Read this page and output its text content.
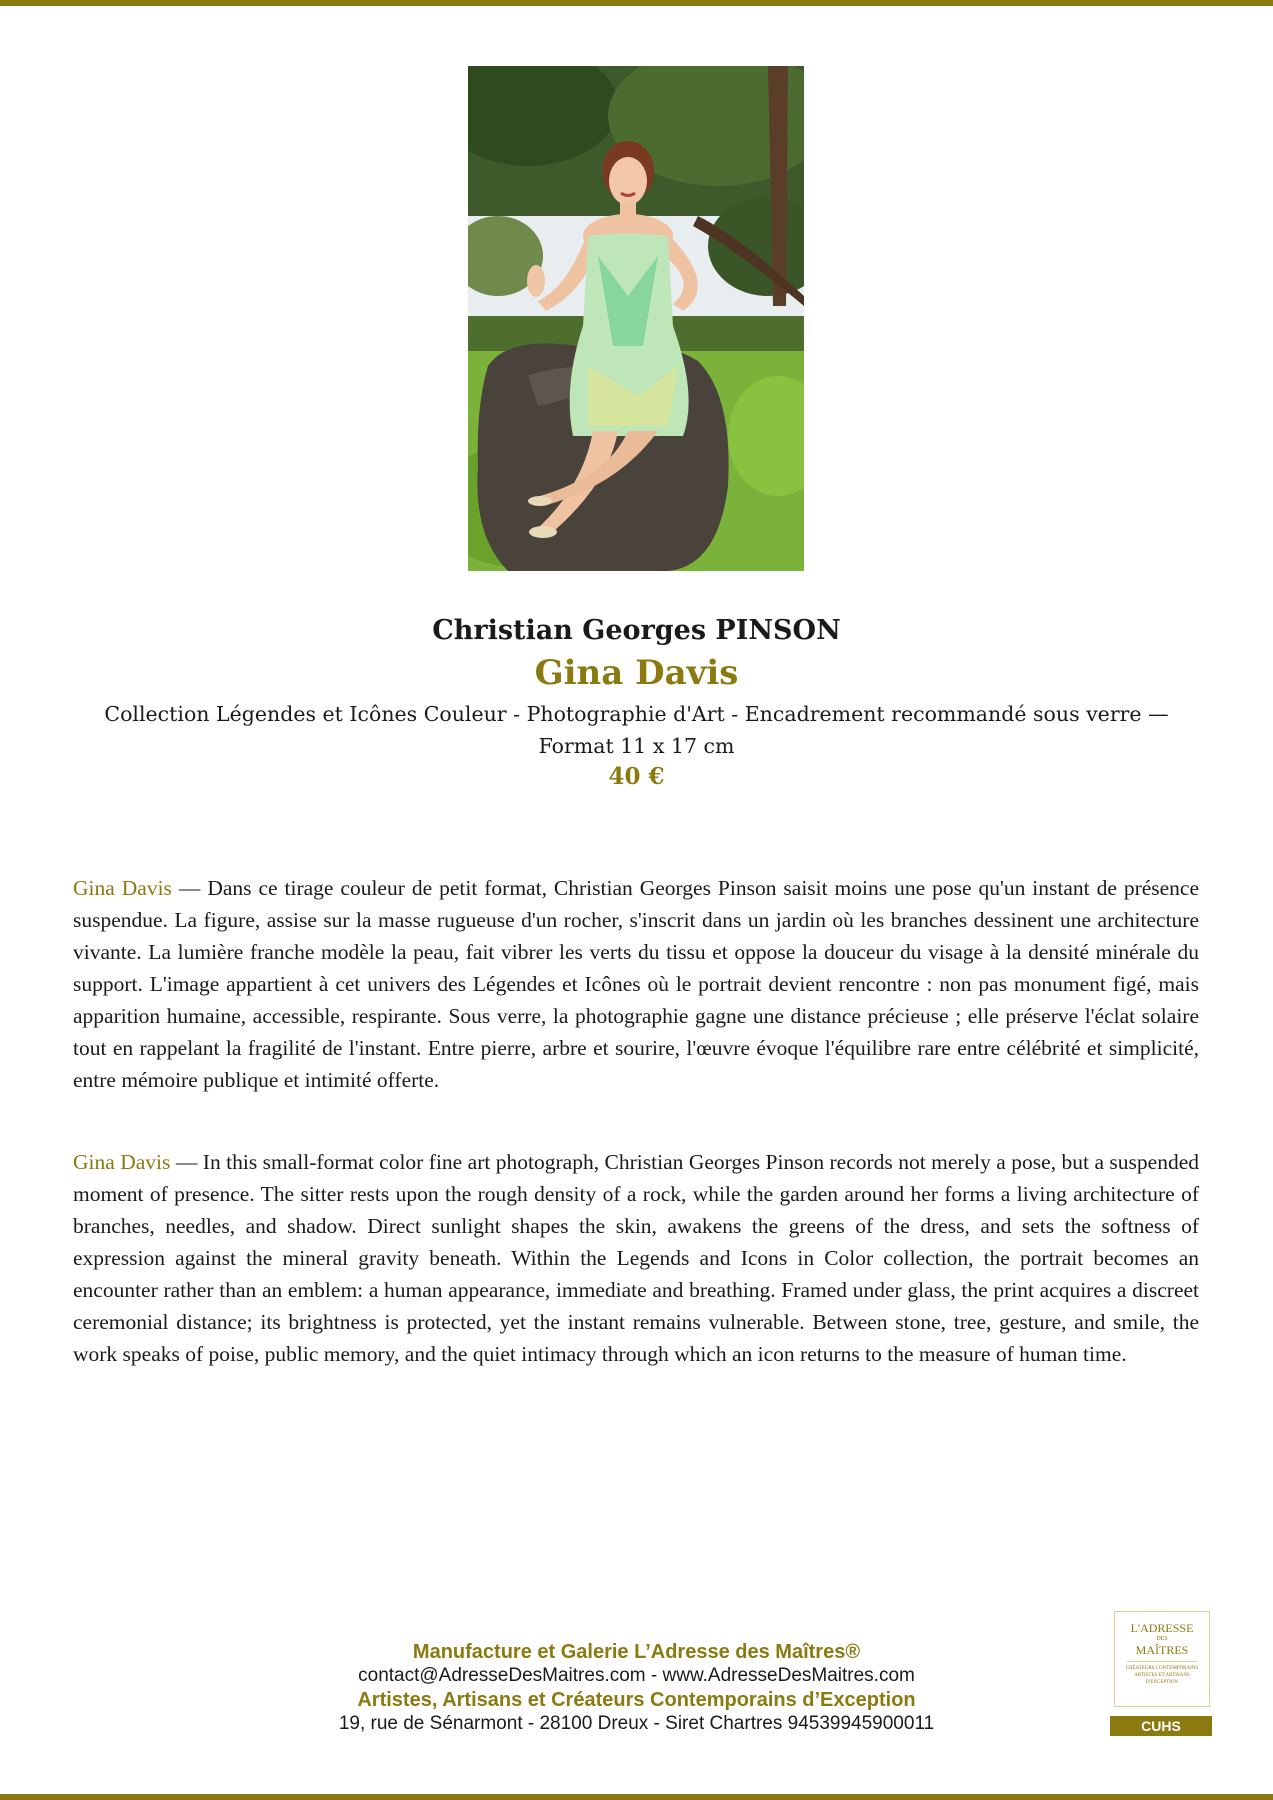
Christian Georges PINSON
Gina Davis
Collection Légendes et Icônes Couleur - Photographie d'Art - Encadrement recommandé sous verre — Format 11 x 17 cm
40 €
Gina Davis — Dans ce tirage couleur de petit format, Christian Georges Pinson saisit moins une pose qu'un instant de présence suspendue. La figure, assise sur la masse rugueuse d'un rocher, s'inscrit dans un jardin où les branches dessinent une architecture vivante. La lumière franche modèle la peau, fait vibrer les verts du tissu et oppose la douceur du visage à la densité minérale du support. L'image appartient à cet univers des Légendes et Icônes où le portrait devient rencontre : non pas monument figé, mais apparition humaine, accessible, respirante. Sous verre, la photographie gagne une distance précieuse ; elle préserve l'éclat solaire tout en rappelant la fragilité de l'instant. Entre pierre, arbre et sourire, l'œuvre évoque l'équilibre rare entre célébrité et simplicité, entre mémoire publique et intimité offerte.
Gina Davis — In this small-format color fine art photograph, Christian Georges Pinson records not merely a pose, but a suspended moment of presence. The sitter rests upon the rough density of a rock, while the garden around her forms a living architecture of branches, needles, and shadow. Direct sunlight shapes the skin, awakens the greens of the dress, and sets the softness of expression against the mineral gravity beneath. Within the Legends and Icons in Color collection, the portrait becomes an encounter rather than an emblem: a human appearance, immediate and breathing. Framed under glass, the print acquires a discreet ceremonial distance; its brightness is protected, yet the instant remains vulnerable. Between stone, tree, gesture, and smile, the work speaks of poise, public memory, and the quiet intimacy through which an icon returns to the measure of human time.
Manufacture et Galerie L’Adresse des Maîtres®
contact@AdresseDesMaitres.com - www.AdresseDesMaitres.com
Artistes, Artisans et Créateurs Contemporains d’Exception
19, rue de Sénarmont - 28100 Dreux - Siret Chartres 94539945900011
L'ADRESSE
DES
MAÎTRES
CRÉATEURS CONTEMPORAINS ARTISTES ET ARTISANS D'EXCEPTION
CUHS
